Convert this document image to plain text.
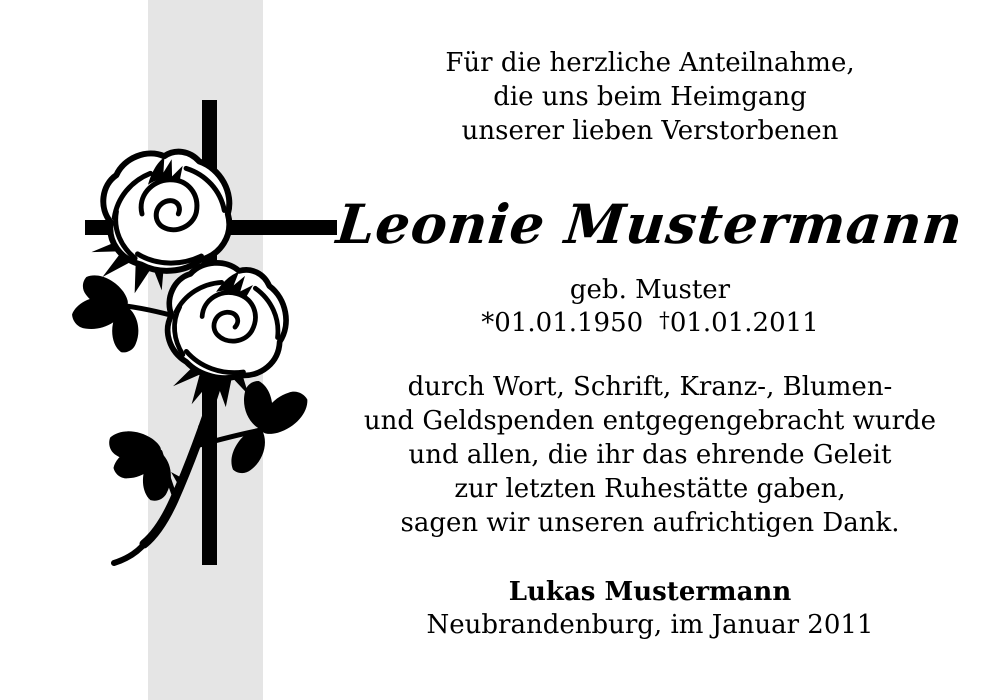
Für die herzliche Anteilnahme,
die uns beim Heimgang
unserer lieben Verstorbenen
Leonie Mustermann
geb. Muster
*01.01.1950 †01.01.2011
durch Wort, Schrift, Kranz-, Blumen-
und Geldspenden entgegengebracht wurde
und allen, die ihr das ehrende Geleit
zur letzten Ruhestätte gaben,
sagen wir unseren aufrichtigen Dank.
Lukas Mustermann
Neubrandenburg, im Januar 2011
